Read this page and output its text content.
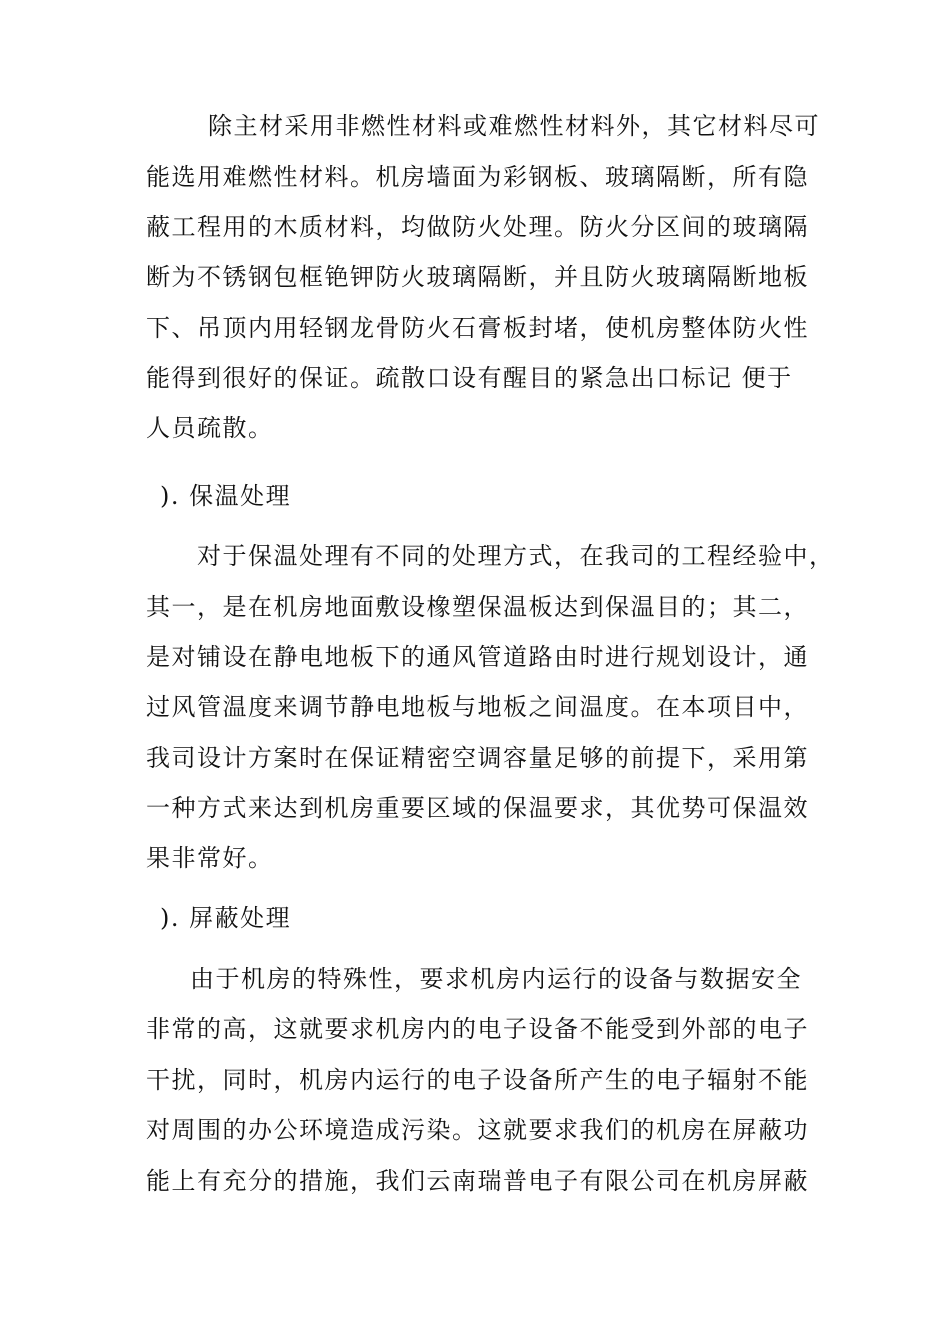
除主材采用非燃性材料或难燃性材料外，其它材料尽可
能选用难燃性材料。机房墙面为彩钢板、玻璃隔断，所有隐
蔽工程用的木质材料，均做防火处理。防火分区间的玻璃隔
断为不锈钢包框铯钾防火玻璃隔断，并且防火玻璃隔断地板
下、吊顶内用轻钢龙骨防火石膏板封堵，使机房整体防火性
能得到很好的保证。疏散口设有醒目的紧急出口标记 便于
人员疏散。
). 保温处理
对于保温处理有不同的处理方式，在我司的工程经验中，
其一，是在机房地面敷设橡塑保温板达到保温目的；其二，
是对铺设在静电地板下的通风管道路由时进行规划设计，通
过风管温度来调节静电地板与地板之间温度。在本项目中，
我司设计方案时在保证精密空调容量足够的前提下，采用第
一种方式来达到机房重要区域的保温要求，其优势可保温效
果非常好。
). 屏蔽处理
由于机房的特殊性，要求机房内运行的设备与数据安全
非常的高，这就要求机房内的电子设备不能受到外部的电子
干扰，同时，机房内运行的电子设备所产生的电子辐射不能
对周围的办公环境造成污染。这就要求我们的机房在屏蔽功
能上有充分的措施，我们云南瑞普电子有限公司在机房屏蔽
